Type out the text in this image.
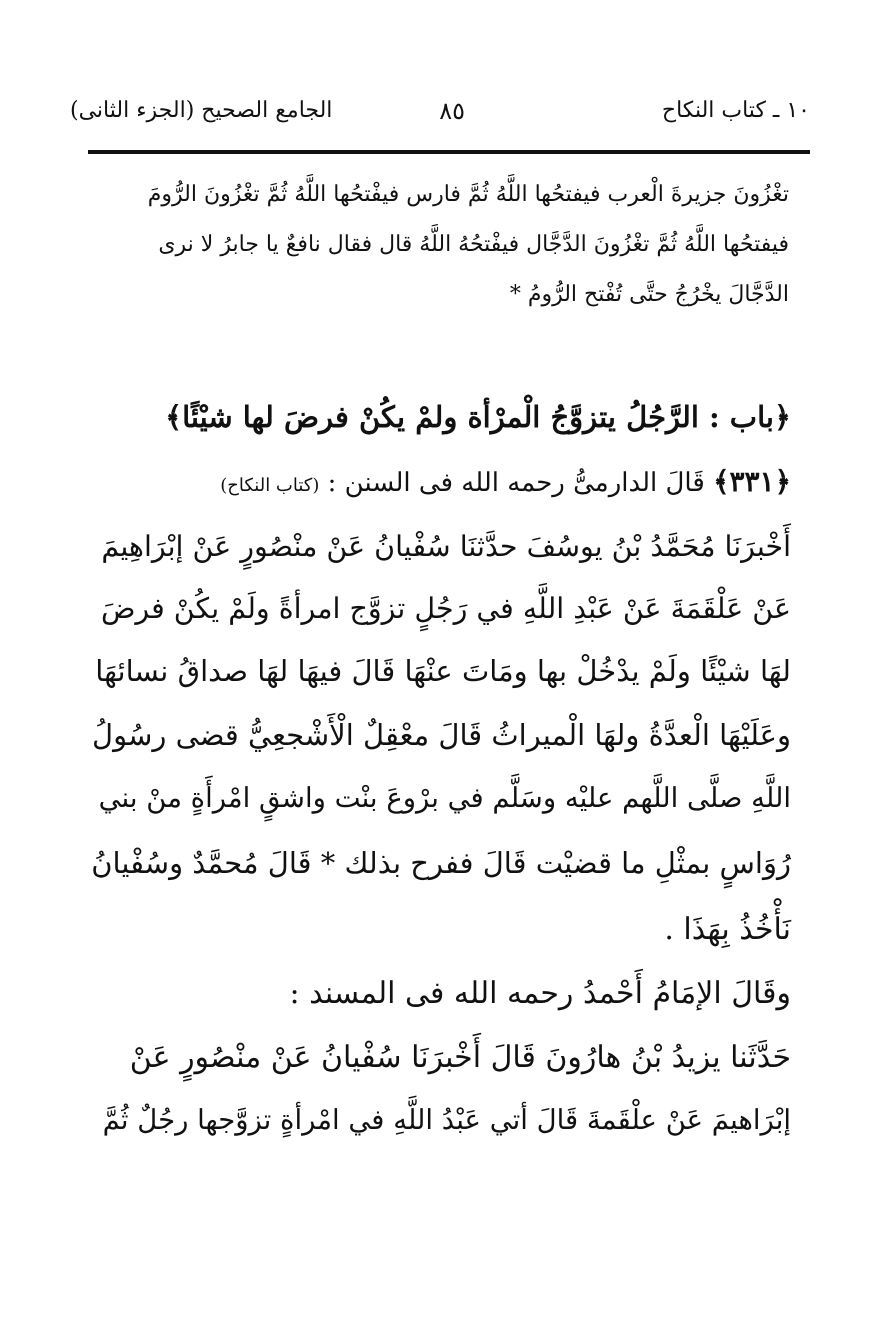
١٠ ـ كتاب النكاح
٨٥
الجامع الصحيح (الجزء الثانى)
تغْزُونَ جزيرةَ الْعرب فيفتحُها اللَّهُ ثُمَّ فارس فيفْتحُها اللَّهُ ثُمَّ تغْزُونَ الرُّومَ
فيفتحُها اللَّهُ ثُمَّ تغْزُونَ الدَّجَّال فيفْتحُهُ اللَّهُ قال فقال نافعٌ يا جابرُ لا نرى
الدَّجَّالَ يخْرُجُ حتَّى تُفْتح الرُّومُ *
﴿باب : الرَّجُلُ يتزوَّجُ الْمرْأة ولمْ يكُنْ فرضَ لها شيْئًا﴾
﴿٣٣١﴾ قَالَ الدارمىُّ رحمه الله فى السنن : (كتاب النكاح)
أَخْبرَنَا مُحَمَّدُ بْنُ يوسُفَ حدَّثنَا سُفْيانُ عَنْ منْصُورٍ عَنْ إبْرَاهِيمَ
عَنْ عَلْقَمَةَ عَنْ عَبْدِ اللَّهِ في رَجُلٍ تزوَّج امرأةً ولَمْ يكُنْ فرضَ
لهَا شيْئًا ولَمْ يدْخُلْ بها ومَاتَ عنْهَا قَالَ فيهَا لهَا صداقُ نسائهَا
وعَلَيْهَا الْعدَّةُ ولهَا الْميراثُ قَالَ معْقِلٌ الْأَشْجعِيُّ قضى رسُولُ
اللَّهِ صلَّى اللَّهم عليْه وسَلَّم في برْوعَ بنْت واشقٍ امْرأَةٍ منْ بني
رُوَاسٍ بمثْلِ ما قضيْت قَالَ ففرح بذلك * قَالَ مُحمَّدٌ وسُفْيانُ
نَأْخُذُ بِهَذَا .
وقَالَ الإمَامُ أَحْمدُ رحمه الله فى المسند :
حَدَّثَنا يزيدُ بْنُ هارُونَ قَالَ أَخْبرَنَا سُفْيانُ عَنْ منْصُورٍ عَنْ
إبْرَاهيمَ عَنْ علْقَمةَ قَالَ أتي عَبْدُ اللَّهِ في امْرأةٍ تزوَّجها رجُلٌ ثُمَّ
